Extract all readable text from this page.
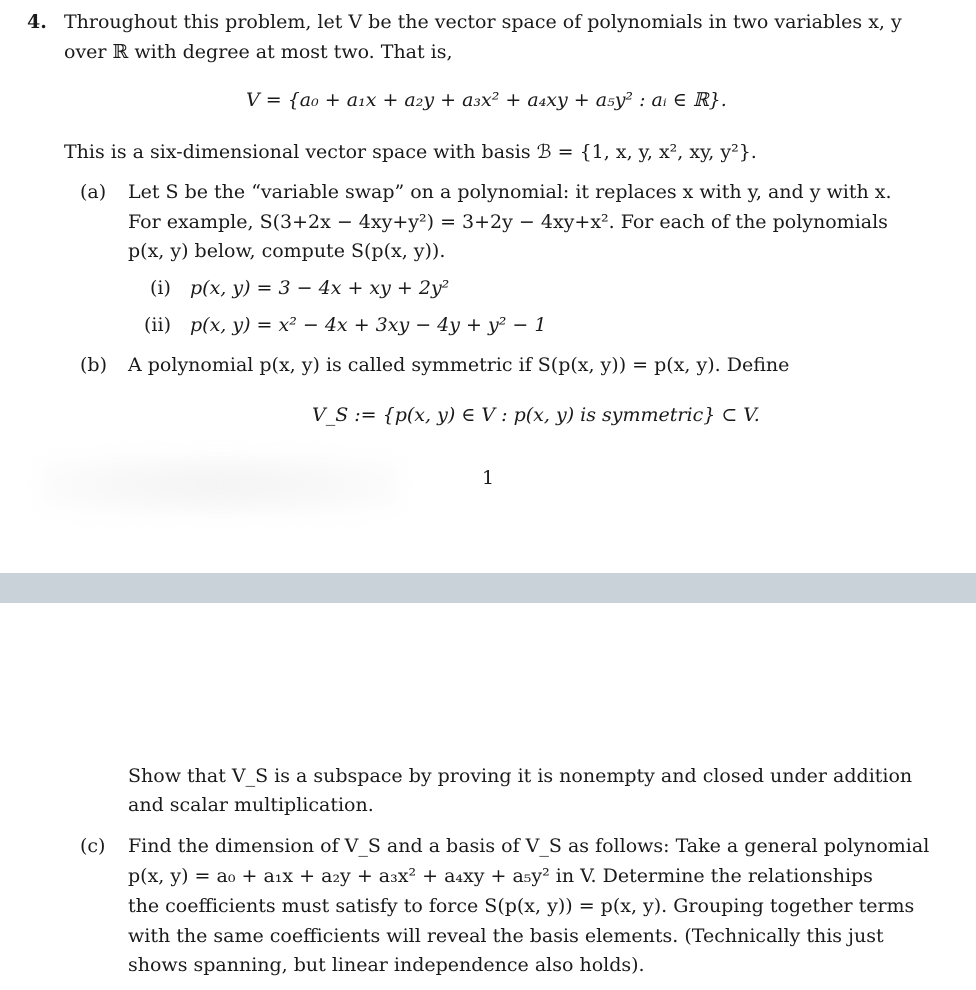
4. Throughout this problem, let V be the vector space of polynomials in two variables x, y
over ℝ with degree at most two. That is,
V = {a₀ + a₁x + a₂y + a₃x² + a₄xy + a₅y² : aᵢ ∈ ℝ}.
This is a six-dimensional vector space with basis ℬ = {1, x, y, x², xy, y²}.
(a) Let S be the “variable swap” on a polynomial: it replaces x with y, and y with x.
For example, S(3+2x − 4xy+y²) = 3+2y − 4xy+x². For each of the polynomials
p(x, y) below, compute S(p(x, y)).
(i) p(x, y) = 3 − 4x + xy + 2y²
(ii) p(x, y) = x² − 4x + 3xy − 4y + y² − 1
(b) A polynomial p(x, y) is called symmetric if S(p(x, y)) = p(x, y). Define
V_S := {p(x, y) ∈ V : p(x, y) is symmetric} ⊂ V.
1
Show that V_S is a subspace by proving it is nonempty and closed under addition
and scalar multiplication.
(c) Find the dimension of V_S and a basis of V_S as follows: Take a general polynomial
p(x, y) = a₀ + a₁x + a₂y + a₃x² + a₄xy + a₅y² in V. Determine the relationships
the coefficients must satisfy to force S(p(x, y)) = p(x, y). Grouping together terms
with the same coefficients will reveal the basis elements. (Technically this just
shows spanning, but linear independence also holds).
